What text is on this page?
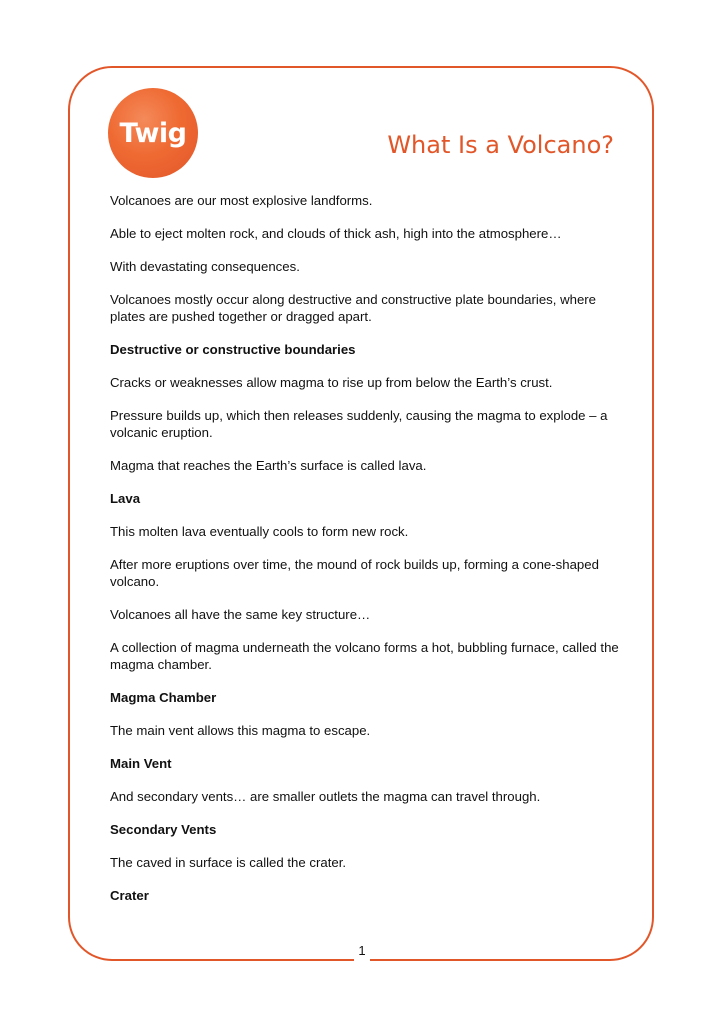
Twig	What Is a Volcano?

Volcanoes are our most explosive landforms.

Able to eject molten rock, and clouds of thick ash, high into the atmosphere…

With devastating consequences.

Volcanoes mostly occur along destructive and constructive plate boundaries, where plates are pushed together or dragged apart.

Destructive or constructive boundaries

Cracks or weaknesses allow magma to rise up from below the Earth’s crust.

Pressure builds up, which then releases suddenly, causing the magma to explode – a volcanic eruption.

Magma that reaches the Earth’s surface is called lava.

Lava

This molten lava eventually cools to form new rock.

After more eruptions over time, the mound of rock builds up, forming a cone-shaped volcano.

Volcanoes all have the same key structure…

A collection of magma underneath the volcano forms a hot, bubbling furnace, called the magma chamber.

Magma Chamber

The main vent allows this magma to escape.

Main Vent

And secondary vents… are smaller outlets the magma can travel through.

Secondary Vents

The caved in surface is called the crater.

Crater

1
